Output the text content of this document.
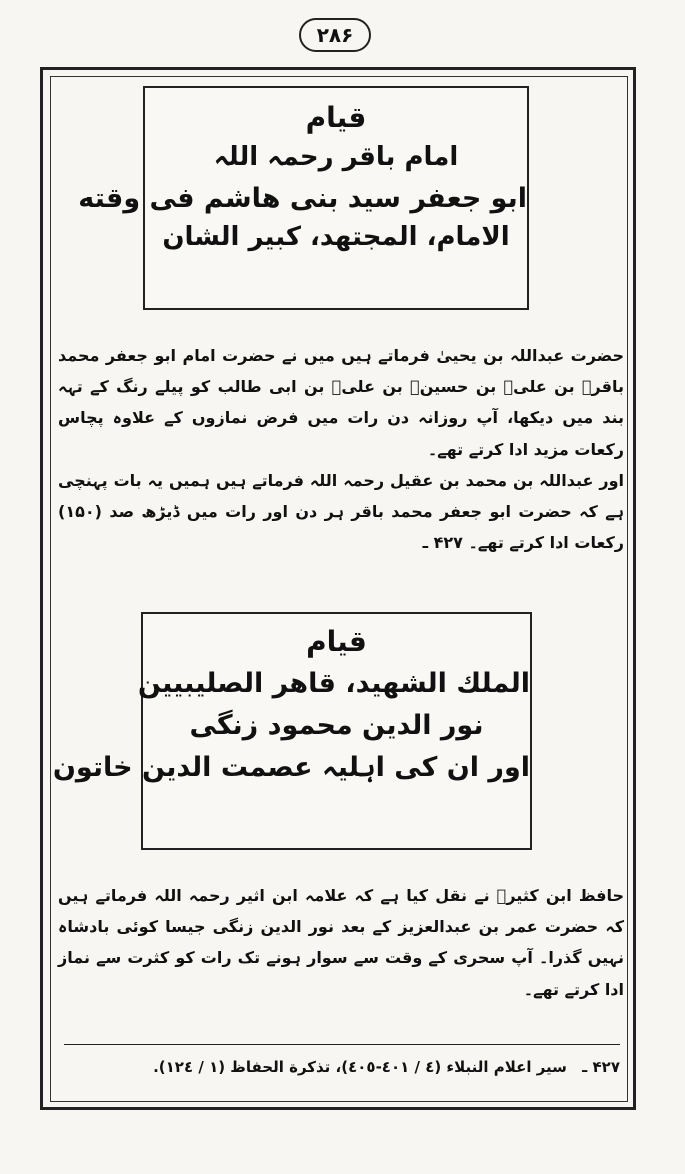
۲۸۶
قیام
امام باقر رحمہ اللہ
ابو جعفر سید بنی هاشم فی وقته
الامام، المجتهد، کبیر الشان

حضرت عبداللہ بن یحییٰ فرماتے ہیں میں نے حضرت امام ابو جعفر محمد باقرؒ بن علیؒ بن حسینؒ بن علیؓ بن ابی طالب کو پیلے رنگ کے تہہ بند میں دیکھا، آپ روزانہ دن رات میں فرض نمازوں کے علاوہ پچاس رکعات مزید ادا کرتے تھے۔

اور عبداللہ بن محمد بن عقیل رحمہ اللہ فرماتے ہیں ہمیں یہ بات پہنچی ہے کہ حضرت ابو جعفر محمد باقر ہر دن اور رات میں ڈیڑھ صد (۱۵۰) رکعات ادا کرتے تھے۔ ۴۲۷ ـ

قیام
الملك الشهيد، قاهر الصليبيين
نور الدین محمود زنگی
اور ان کی اہلیہ عصمت الدین خاتون

حافظ ابن کثیرؒ نے نقل کیا ہے کہ علامہ ابن اثیر رحمہ اللہ فرماتے ہیں کہ حضرت عمر بن عبدالعزیز کے بعد نور الدین زنگی جیسا کوئی بادشاہ نہیں گذرا۔ آپ سحری کے وقت سے سوار ہونے تک رات کو کثرت سے نماز ادا کرتے تھے۔

۴۲۷ ـ سیر اعلام النبلاء (٤ / ٤٠١-٤٠٥)، تذکرة الحفاظ (١ / ١٢٤).
